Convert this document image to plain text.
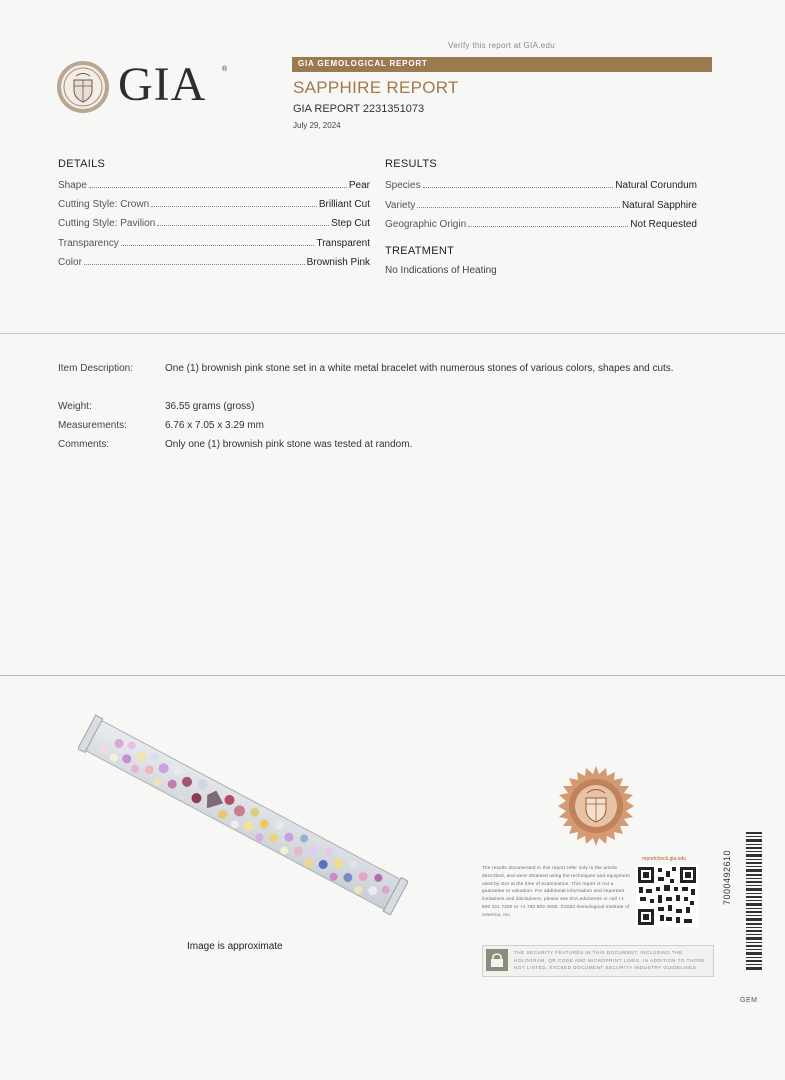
Verify this report at GIA.edu
GIA ®
GIA GEMOLOGICAL REPORT
SAPPHIRE REPORT
GIA REPORT 2231351073
July 29, 2024
DETAILS
Shape	Pear
Cutting Style: Crown	Brilliant Cut
Cutting Style: Pavilion	Step Cut
Transparency	Transparent
Color	Brownish Pink
RESULTS
Species	Natural Corundum
Variety	Natural Sapphire
Geographic Origin	Not Requested
TREATMENT
No Indications of Heating
Item Description:	One (1) brownish pink stone set in a white metal bracelet with numerous stones of various colors, shapes and cuts.
Weight:	36.55 grams (gross)
Measurements:	6.76 x 7.05 x 3.29 mm
Comments:	Only one (1) brownish pink stone was tested at random.
Image is approximate
reportcheck.gia.edu
The results documented in this report refer only to the article described, and were obtained using the techniques and equipment used by GIA at the time of examination. This report is not a guarantee or valuation. For additional information and important limitations and disclaimers, please see GIA.edu/terms or call +1 800 421 7250 or +1 760 603 4500. ©2024 Gemological Institute of America, Inc.
THE SECURITY FEATURES IN THIS DOCUMENT, INCLUDING THE HOLOGRAM, QR CODE AND MICROPRINT LINES, IN ADDITION TO THOSE NOT LISTED, EXCEED DOCUMENT SECURITY INDUSTRY GUIDELINES.
7000492610
GEM
